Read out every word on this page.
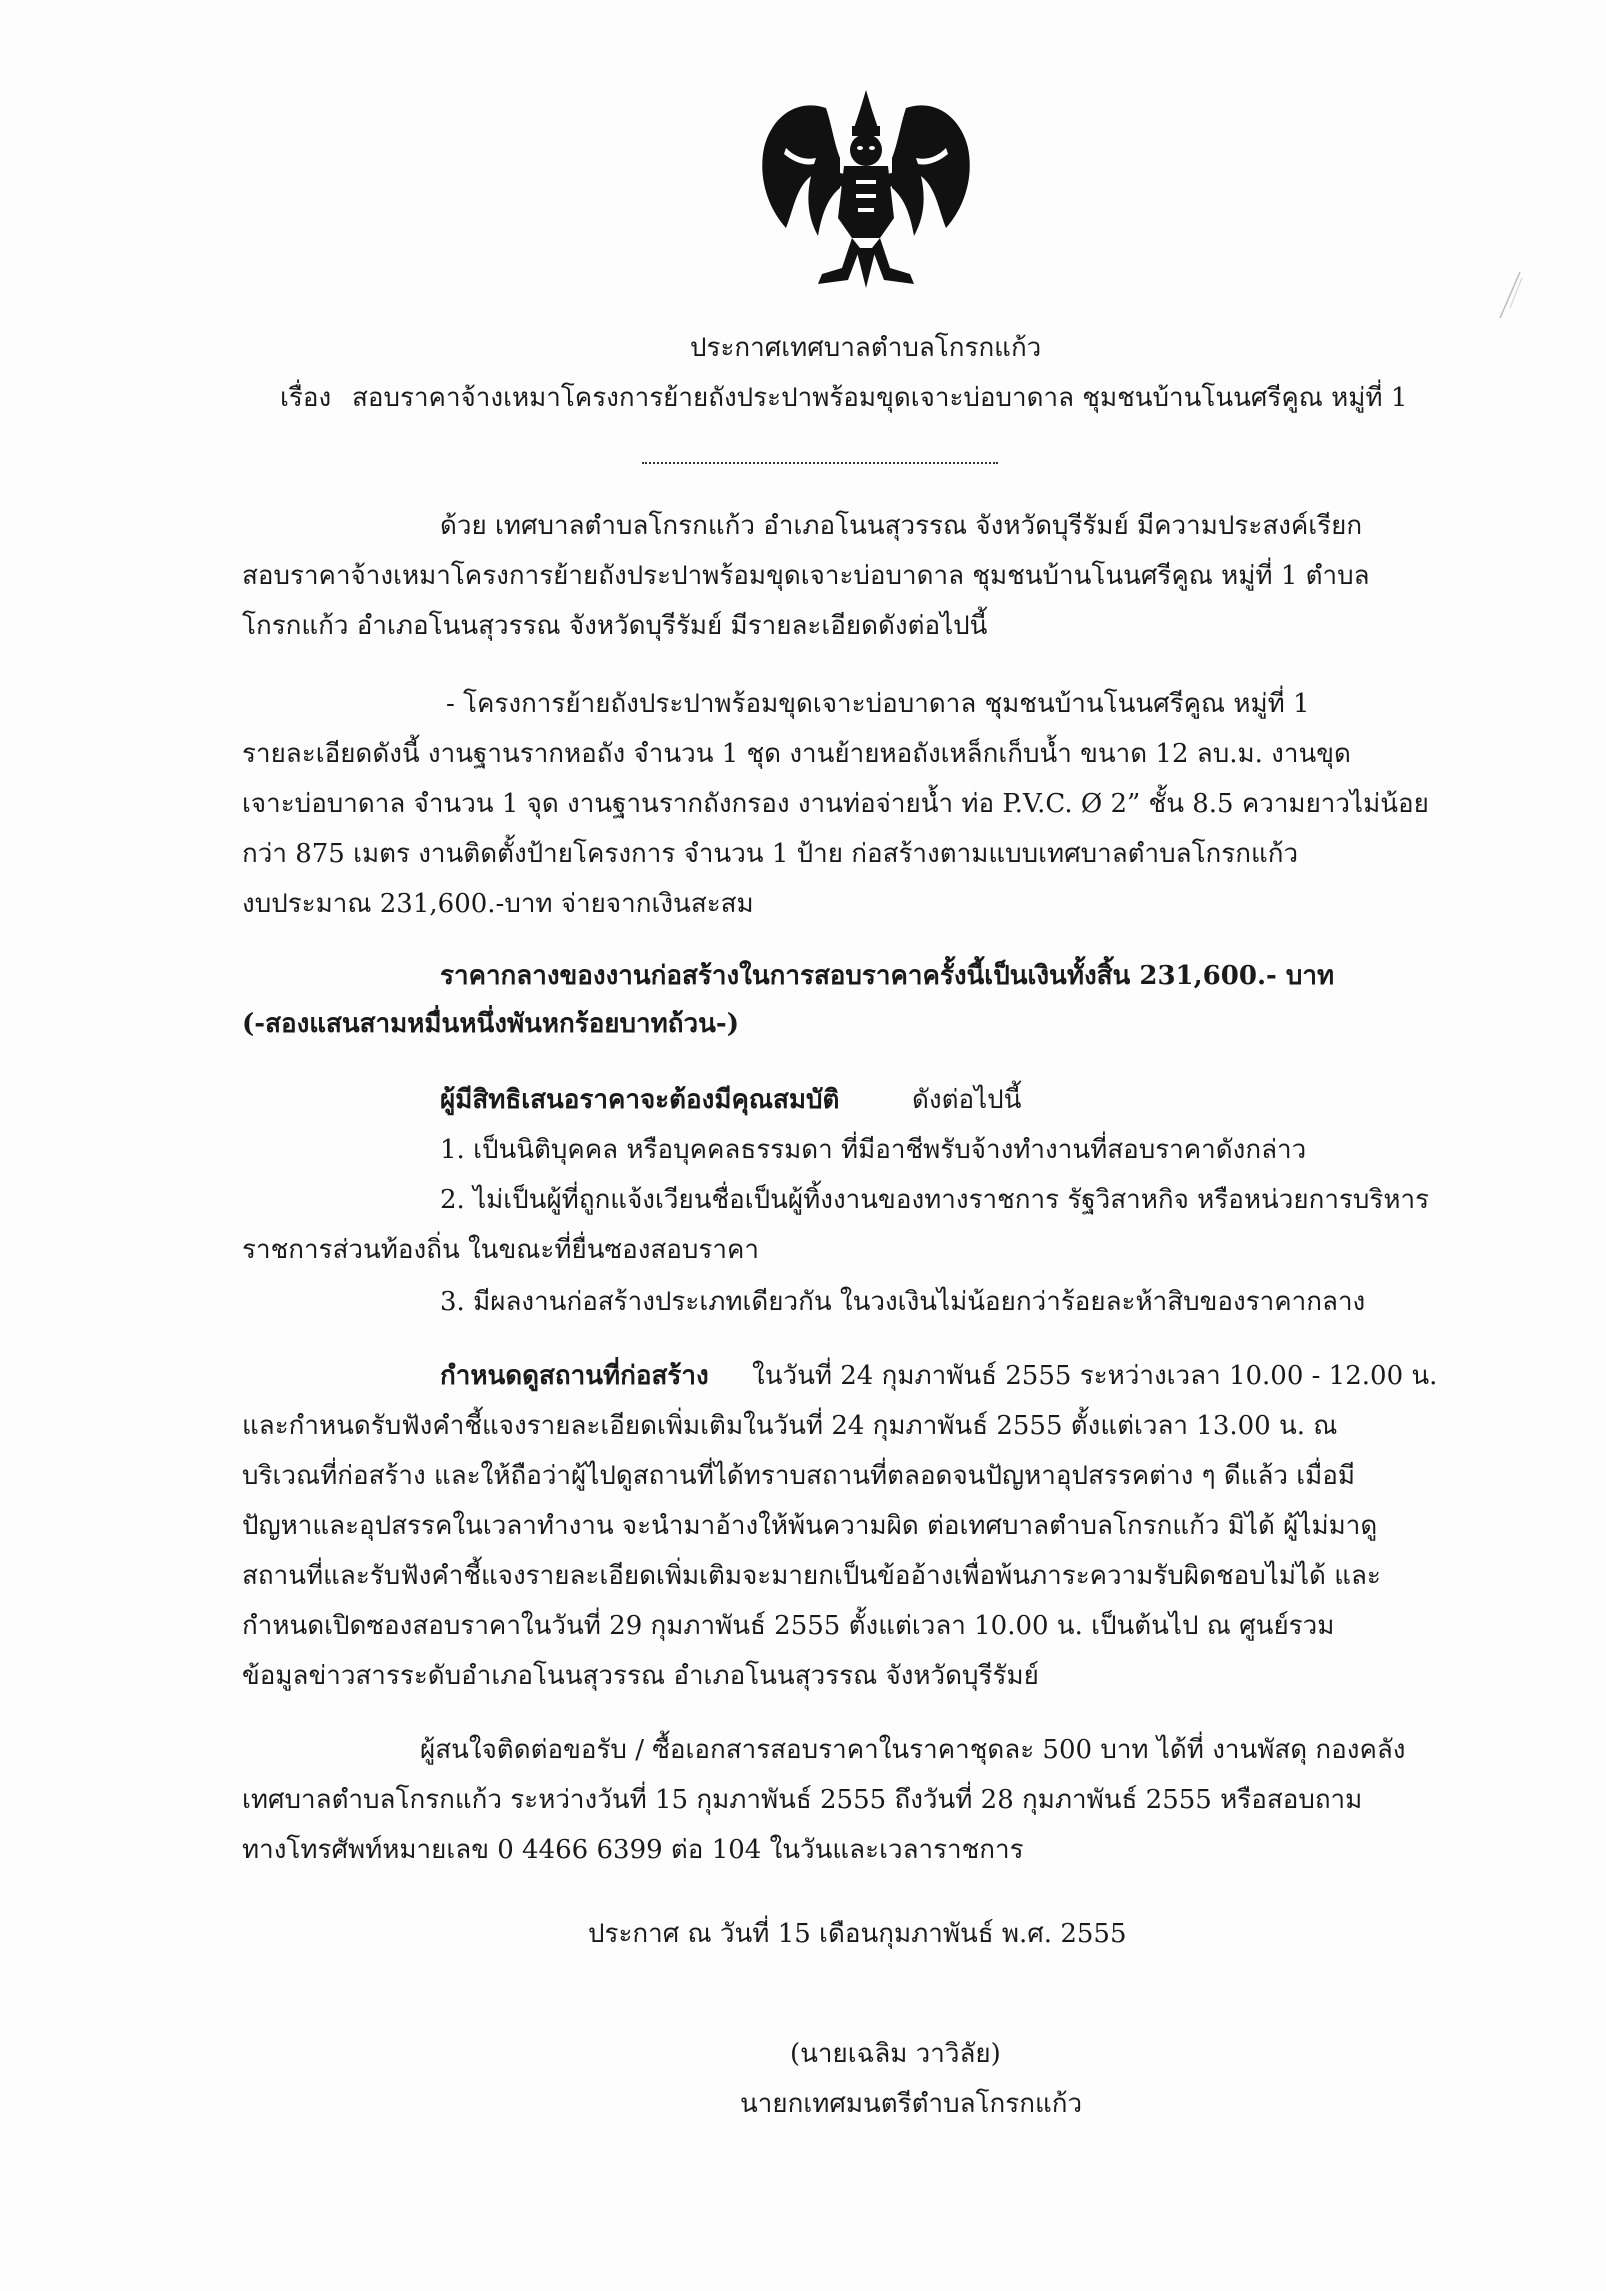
ประกาศเทศบาลตำบลโกรกแก้ว
เรื่อง สอบราคาจ้างเหมาโครงการย้ายถังประปาพร้อมขุดเจาะบ่อบาดาล ชุมชนบ้านโนนศรีคูณ หมู่ที่ 1
ด้วย เทศบาลตำบลโกรกแก้ว อำเภอโนนสุวรรณ จังหวัดบุรีรัมย์ มีความประสงค์เรียก
สอบราคาจ้างเหมาโครงการย้ายถังประปาพร้อมขุดเจาะบ่อบาดาล ชุมชนบ้านโนนศรีคูณ หมู่ที่ 1 ตำบล
โกรกแก้ว อำเภอโนนสุวรรณ จังหวัดบุรีรัมย์ มีรายละเอียดดังต่อไปนี้
- โครงการย้ายถังประปาพร้อมขุดเจาะบ่อบาดาล ชุมชนบ้านโนนศรีคูณ หมู่ที่ 1
รายละเอียดดังนี้ งานฐานรากหอถัง จำนวน 1 ชุด งานย้ายหอถังเหล็กเก็บน้ำ ขนาด 12 ลบ.ม. งานขุด
เจาะบ่อบาดาล จำนวน 1 จุด งานฐานรากถังกรอง งานท่อจ่ายน้ำ ท่อ P.V.C. Ø 2” ชั้น 8.5 ความยาวไม่น้อย
กว่า 875 เมตร งานติดตั้งป้ายโครงการ จำนวน 1 ป้าย ก่อสร้างตามแบบเทศบาลตำบลโกรกแก้ว
งบประมาณ 231,600.-บาท จ่ายจากเงินสะสม
ราคากลางของงานก่อสร้างในการสอบราคาครั้งนี้เป็นเงินทั้งสิ้น 231,600.- บาท
(-สองแสนสามหมื่นหนึ่งพันหกร้อยบาทถ้วน-)
ผู้มีสิทธิเสนอราคาจะต้องมีคุณสมบัติ	ดังต่อไปนี้
1. เป็นนิติบุคคล หรือบุคคลธรรมดา ที่มีอาชีพรับจ้างทำงานที่สอบราคาดังกล่าว
2. ไม่เป็นผู้ที่ถูกแจ้งเวียนชื่อเป็นผู้ทิ้งงานของทางราชการ รัฐวิสาหกิจ หรือหน่วยการบริหาร
ราชการส่วนท้องถิ่น ในขณะที่ยื่นซองสอบราคา
3. มีผลงานก่อสร้างประเภทเดียวกัน ในวงเงินไม่น้อยกว่าร้อยละห้าสิบของราคากลาง
กำหนดดูสถานที่ก่อสร้าง ในวันที่ 24 กุมภาพันธ์ 2555 ระหว่างเวลา 10.00 - 12.00 น.
และกำหนดรับฟังคำชี้แจงรายละเอียดเพิ่มเติมในวันที่ 24 กุมภาพันธ์ 2555 ตั้งแต่เวลา 13.00 น. ณ
บริเวณที่ก่อสร้าง และให้ถือว่าผู้ไปดูสถานที่ได้ทราบสถานที่ตลอดจนปัญหาอุปสรรคต่าง ๆ ดีแล้ว เมื่อมี
ปัญหาและอุปสรรคในเวลาทำงาน จะนำมาอ้างให้พ้นความผิด ต่อเทศบาลตำบลโกรกแก้ว มิได้ ผู้ไม่มาดู
สถานที่และรับฟังคำชี้แจงรายละเอียดเพิ่มเติมจะมายกเป็นข้ออ้างเพื่อพ้นภาระความรับผิดชอบไม่ได้ และ
กำหนดเปิดซองสอบราคาในวันที่ 29 กุมภาพันธ์ 2555 ตั้งแต่เวลา 10.00 น. เป็นต้นไป ณ ศูนย์รวม
ข้อมูลข่าวสารระดับอำเภอโนนสุวรรณ อำเภอโนนสุวรรณ จังหวัดบุรีรัมย์
ผู้สนใจติดต่อขอรับ / ซื้อเอกสารสอบราคาในราคาชุดละ 500 บาท ได้ที่ งานพัสดุ กองคลัง
เทศบาลตำบลโกรกแก้ว ระหว่างวันที่ 15 กุมภาพันธ์ 2555 ถึงวันที่ 28 กุมภาพันธ์ 2555 หรือสอบถาม
ทางโทรศัพท์หมายเลข 0 4466 6399 ต่อ 104 ในวันและเวลาราชการ
ประกาศ ณ วันที่ 15 เดือนกุมภาพันธ์ พ.ศ. 2555
(นายเฉลิม วาวิลัย)
นายกเทศมนตรีตำบลโกรกแก้ว
